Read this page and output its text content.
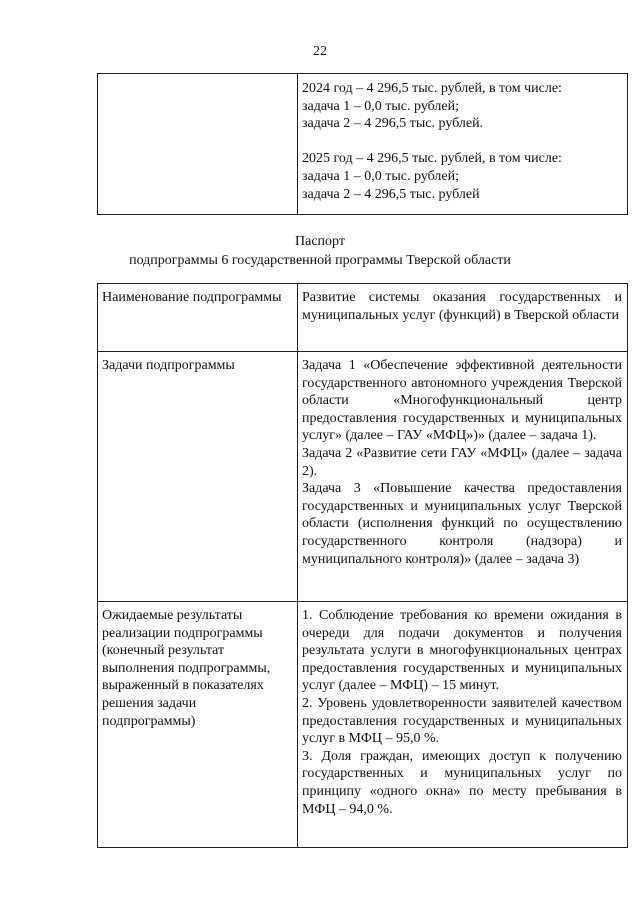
22

2024 год – 4 296,5 тыс. рублей, в том числе:
задача 1 – 0,0 тыс. рублей;
задача 2 – 4 296,5 тыс. рублей.
2025 год – 4 296,5 тыс. рублей, в том числе:
задача 1 – 0,0 тыс. рублей;
задача 2 – 4 296,5 тыс. рублей
Паспорт
подпрограммы 6 государственной программы Тверской области
Наименование подпрограммы	Развитие системы оказания государственных и муниципальных услуг (функций) в Тверской области
Задачи подпрограммы	Задача 1 «Обеспечение эффективной деятельности государственного автономного учреждения Тверской области «Многофункциональный центр предоставления государственных и муниципальных услуг» (далее – ГАУ «МФЦ»)» (далее – задача 1).
Задача 2 «Развитие сети ГАУ «МФЦ» (далее – задача 2).
Задача 3 «Повышение качества предоставления государственных и муниципальных услуг Тверской области (исполнения функций по осуществлению государственного контроля (надзора) и муниципального контроля)» (далее – задача 3)

Ожидаемые результаты реализации подпрограммы (конечный результат выполнения подпрограммы, выраженный в показателях решения задачи подпрограммы)	1. Соблюдение требования ко времени ожидания в очереди для подачи документов и получения результата услуги в многофункциональных центрах предоставления государственных и муниципальных услуг (далее – МФЦ) – 15 минут.
2. Уровень удовлетворенности заявителей качеством предоставления государственных и муниципальных услуг в МФЦ – 95,0 %.
3. Доля граждан, имеющих доступ к получению государственных и муниципальных услуг по принципу «одного окна» по месту пребывания в МФЦ – 94,0 %.
